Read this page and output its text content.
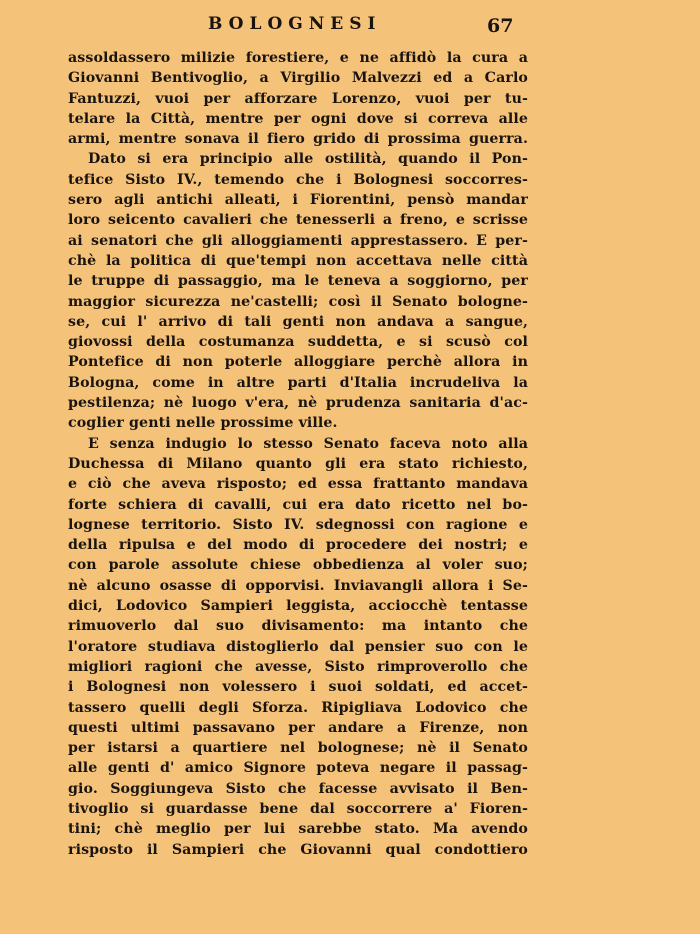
BOLOGNESI	67
assoldassero milizie forestiere, e ne affidò la cura a
Giovanni Bentivoglio, a Virgilio Malvezzi ed a Carlo
Fantuzzi, vuoi per afforzare Lorenzo, vuoi per tu-
telare la Città, mentre per ogni dove si correva alle
armi, mentre sonava il fiero grido di prossima guerra.
Dato si era principio alle ostilità, quando il Pon-
tefice Sisto IV., temendo che i Bolognesi soccorres-
sero agli antichi alleati, i Fiorentini, pensò mandar
loro seicento cavalieri che tenesserli a freno, e scrisse
ai senatori che gli alloggiamenti apprestassero. E per-
chè la politica di que'tempi non accettava nelle città
le truppe di passaggio, ma le teneva a soggiorno, per
maggior sicurezza ne'castelli; così il Senato bologne-
se, cui l' arrivo di tali genti non andava a sangue,
giovossi della costumanza suddetta, e si scusò col
Pontefice di non poterle alloggiare perchè allora in
Bologna, come in altre parti d'Italia incrudeliva la
pestilenza; nè luogo v'era, nè prudenza sanitaria d'ac-
coglier genti nelle prossime ville.
E senza indugio lo stesso Senato faceva noto alla
Duchessa di Milano quanto gli era stato richiesto,
e ciò che aveva risposto; ed essa frattanto mandava
forte schiera di cavalli, cui era dato ricetto nel bo-
lognese territorio. Sisto IV. sdegnossi con ragione e
della ripulsa e del modo di procedere dei nostri; e
con parole assolute chiese obbedienza al voler suo;
nè alcuno osasse di opporvisi. Inviavangli allora i Se-
dici, Lodovico Sampieri leggista, acciocchè tentasse
rimuoverlo dal suo divisamento: ma intanto che
l'oratore studiava distoglierlo dal pensier suo con le
migliori ragioni che avesse, Sisto rimproverollo che
i Bolognesi non volessero i suoi soldati, ed accet-
tassero quelli degli Sforza. Ripigliava Lodovico che
questi ultimi passavano per andare a Firenze, non
per istarsi a quartiere nel bolognese; nè il Senato
alle genti d' amico Signore poteva negare il passag-
gio. Soggiungeva Sisto che facesse avvisato il Ben-
tivoglio si guardasse bene dal soccorrere a' Fioren-
tini; chè meglio per lui sarebbe stato. Ma avendo
risposto il Sampieri che Giovanni qual condottiero
